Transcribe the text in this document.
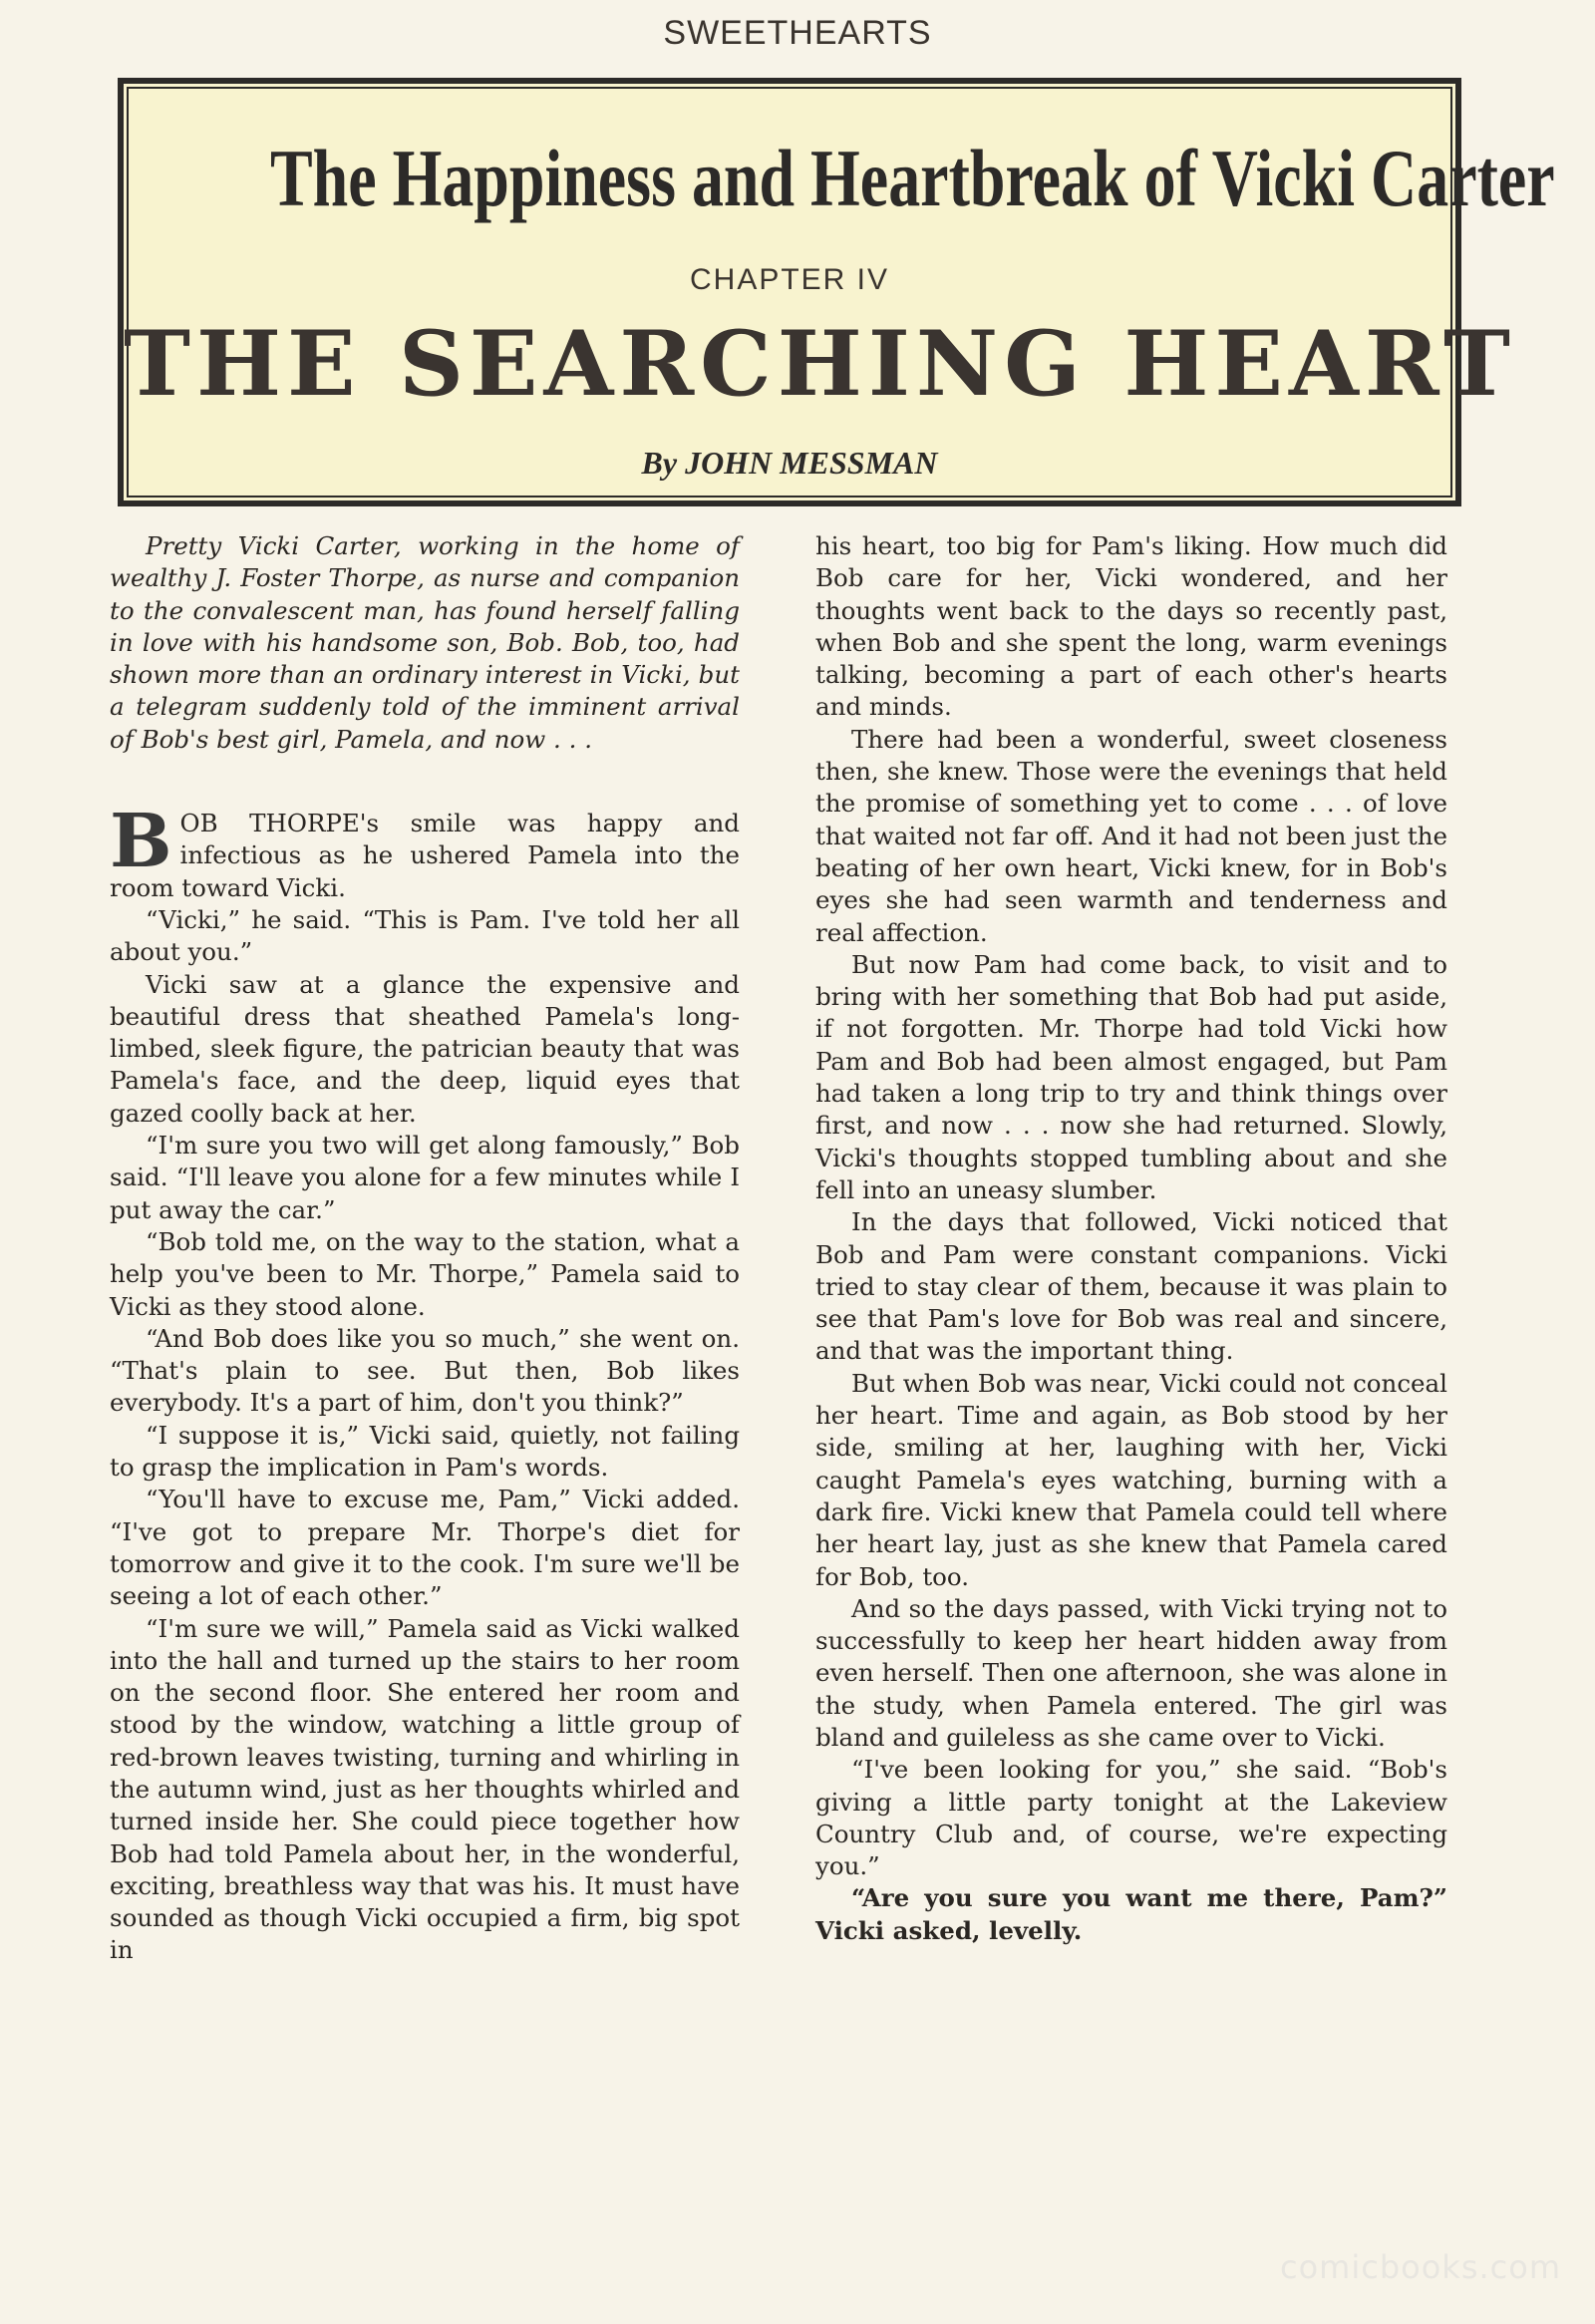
SWEETHEARTS
The Happiness and Heartbreak of Vicki Carter
CHAPTER IV
THE SEARCHING HEART
By JOHN MESSMAN

Pretty Vicki Carter, working in the home of wealthy J. Foster Thorpe, as nurse and companion to the convalescent man, has found herself falling in love with his handsome son, Bob. Bob, too, had shown more than an ordinary interest in Vicki, but a telegram suddenly told of the imminent arrival of Bob's best girl, Pamela, and now . . .

BOB THORPE's smile was happy and infectious as he ushered Pamela into the room toward Vicki.

“Vicki,” he said. “This is Pam. I've told her all about you.”

Vicki saw at a glance the expensive and beautiful dress that sheathed Pamela's long-limbed, sleek figure, the patrician beauty that was Pamela's face, and the deep, liquid eyes that gazed coolly back at her.

“I'm sure you two will get along famously,” Bob said. “I'll leave you alone for a few minutes while I put away the car.”

“Bob told me, on the way to the station, what a help you've been to Mr. Thorpe,” Pamela said to Vicki as they stood alone.

“And Bob does like you so much,” she went on. “That's plain to see. But then, Bob likes everybody. It's a part of him, don't you think?”

“I suppose it is,” Vicki said, quietly, not failing to grasp the implication in Pam's words.

“You'll have to excuse me, Pam,” Vicki added. “I've got to prepare Mr. Thorpe's diet for tomorrow and give it to the cook. I'm sure we'll be seeing a lot of each other.”

“I'm sure we will,” Pamela said as Vicki walked into the hall and turned up the stairs to her room on the second floor. She entered her room and stood by the window, watching a little group of red-brown leaves twisting, turning and whirling in the autumn wind, just as her thoughts whirled and turned inside her. She could piece together how Bob had told Pamela about her, in the wonderful, exciting, breathless way that was his. It must have sounded as though Vicki occupied a firm, big spot in

his heart, too big for Pam's liking. How much did Bob care for her, Vicki wondered, and her thoughts went back to the days so recently past, when Bob and she spent the long, warm evenings talking, becoming a part of each other's hearts and minds.

There had been a wonderful, sweet closeness then, she knew. Those were the evenings that held the promise of something yet to come . . . of love that waited not far off. And it had not been just the beating of her own heart, Vicki knew, for in Bob's eyes she had seen warmth and tenderness and real affection.

But now Pam had come back, to visit and to bring with her something that Bob had put aside, if not forgotten. Mr. Thorpe had told Vicki how Pam and Bob had been almost engaged, but Pam had taken a long trip to try and think things over first, and now . . . now she had returned. Slowly, Vicki's thoughts stopped tumbling about and she fell into an uneasy slumber.

In the days that followed, Vicki noticed that Bob and Pam were constant companions. Vicki tried to stay clear of them, because it was plain to see that Pam's love for Bob was real and sincere, and that was the important thing.

But when Bob was near, Vicki could not conceal her heart. Time and again, as Bob stood by her side, smiling at her, laughing with her, Vicki caught Pamela's eyes watching, burning with a dark fire. Vicki knew that Pamela could tell where her heart lay, just as she knew that Pamela cared for Bob, too.

And so the days passed, with Vicki trying not to successfully to keep her heart hidden away from even herself. Then one afternoon, she was alone in the study, when Pamela entered. The girl was bland and guileless as she came over to Vicki.

“I've been looking for you,” she said. “Bob's giving a little party tonight at the Lakeview Country Club and, of course, we're expecting you.”

“Are you sure you want me there, Pam?” Vicki asked, levelly.

comicbooks.com
